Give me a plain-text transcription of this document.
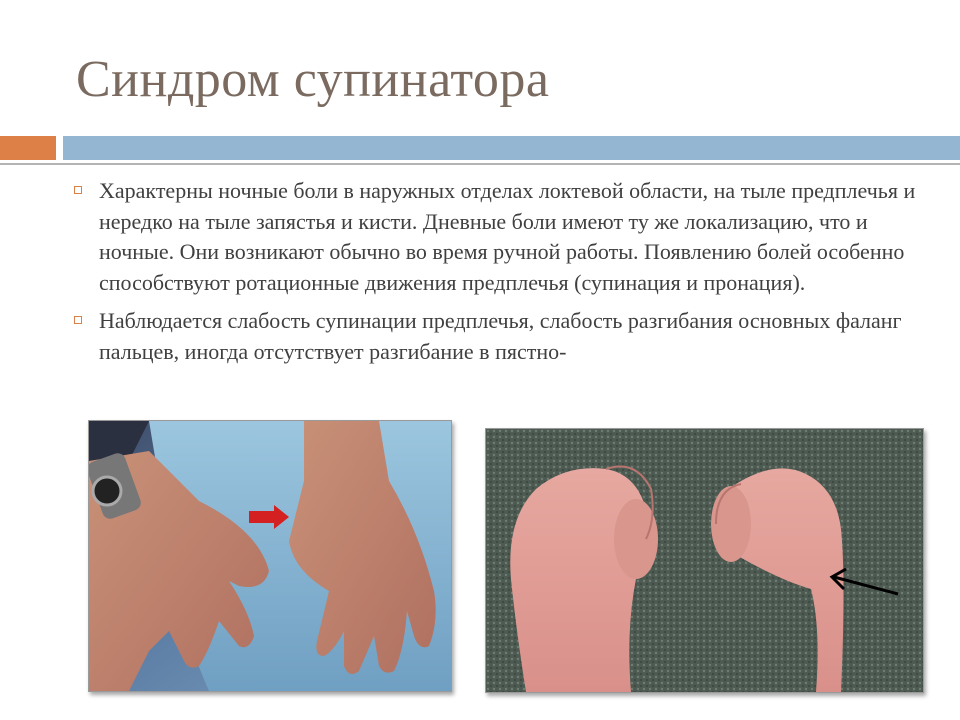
Синдром супинатора
Характерны ночные боли в наружных отделах локтевой области, на тыле предплечья и нередко на тыле запястья и кисти. Дневные боли имеют ту же локализацию, что и ночные. Они возникают обычно во время ручной работы. Появлению болей особенно способствуют ротационные движения предплечья (супинация и пронация).
Наблюдается слабость супинации предплечья, слабость разгибания основных фаланг пальцев, иногда отсутствует разгибание в пястно-
